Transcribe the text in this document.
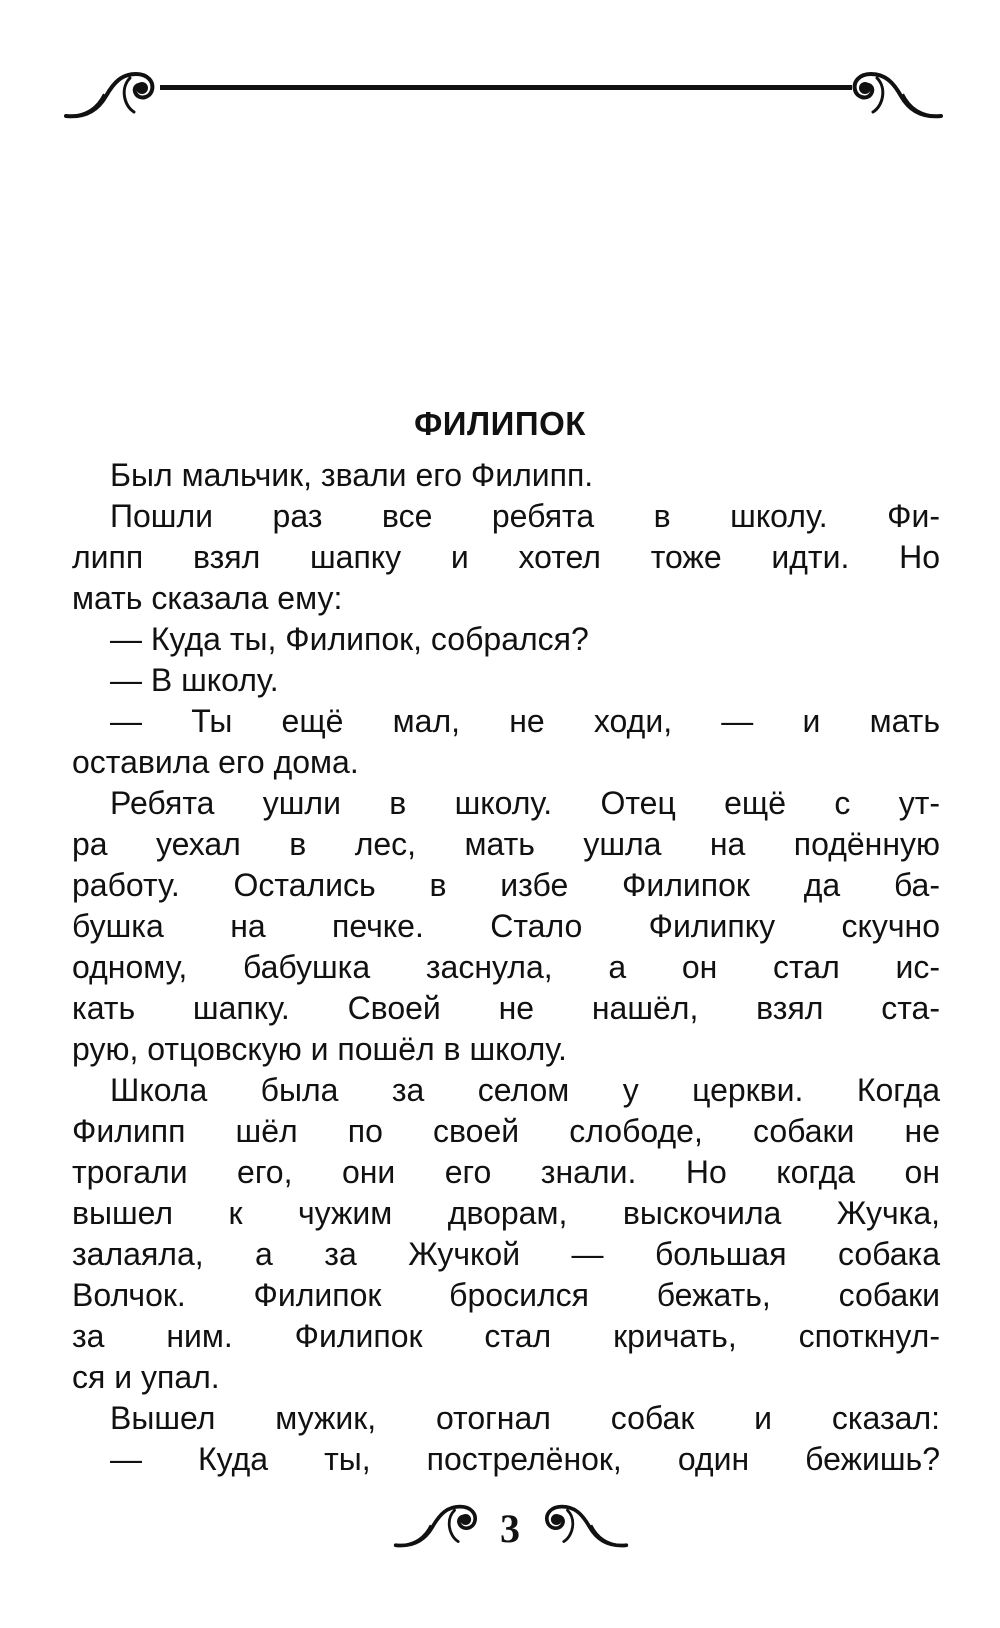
ФИЛИПОК
Был мальчик, звали его Филипп.
Пошли раз все ребята в школу. Фи-
липп взял шапку и хотел тоже идти. Но
мать сказала ему:
— Куда ты, Филипок, собрался?
— В школу.
— Ты ещё мал, не ходи, — и мать
оставила его дома.
Ребята ушли в школу. Отец ещё с ут-
ра уехал в лес, мать ушла на подённую
работу. Остались в избе Филипок да ба-
бушка на печке. Стало Филипку скучно
одному, бабушка заснула, а он стал ис-
кать шапку. Своей не нашёл, взял ста-
рую, отцовскую и пошёл в школу.
Школа была за селом у церкви. Когда
Филипп шёл по своей слободе, собаки не
трогали его, они его знали. Но когда он
вышел к чужим дворам, выскочила Жучка,
залаяла, а за Жучкой — большая собака
Волчок. Филипок бросился бежать, собаки
за ним. Филипок стал кричать, споткнул-
ся и упал.
Вышел мужик, отогнал собак и сказал:
— Куда ты, пострелёнок, один бежишь?
3
